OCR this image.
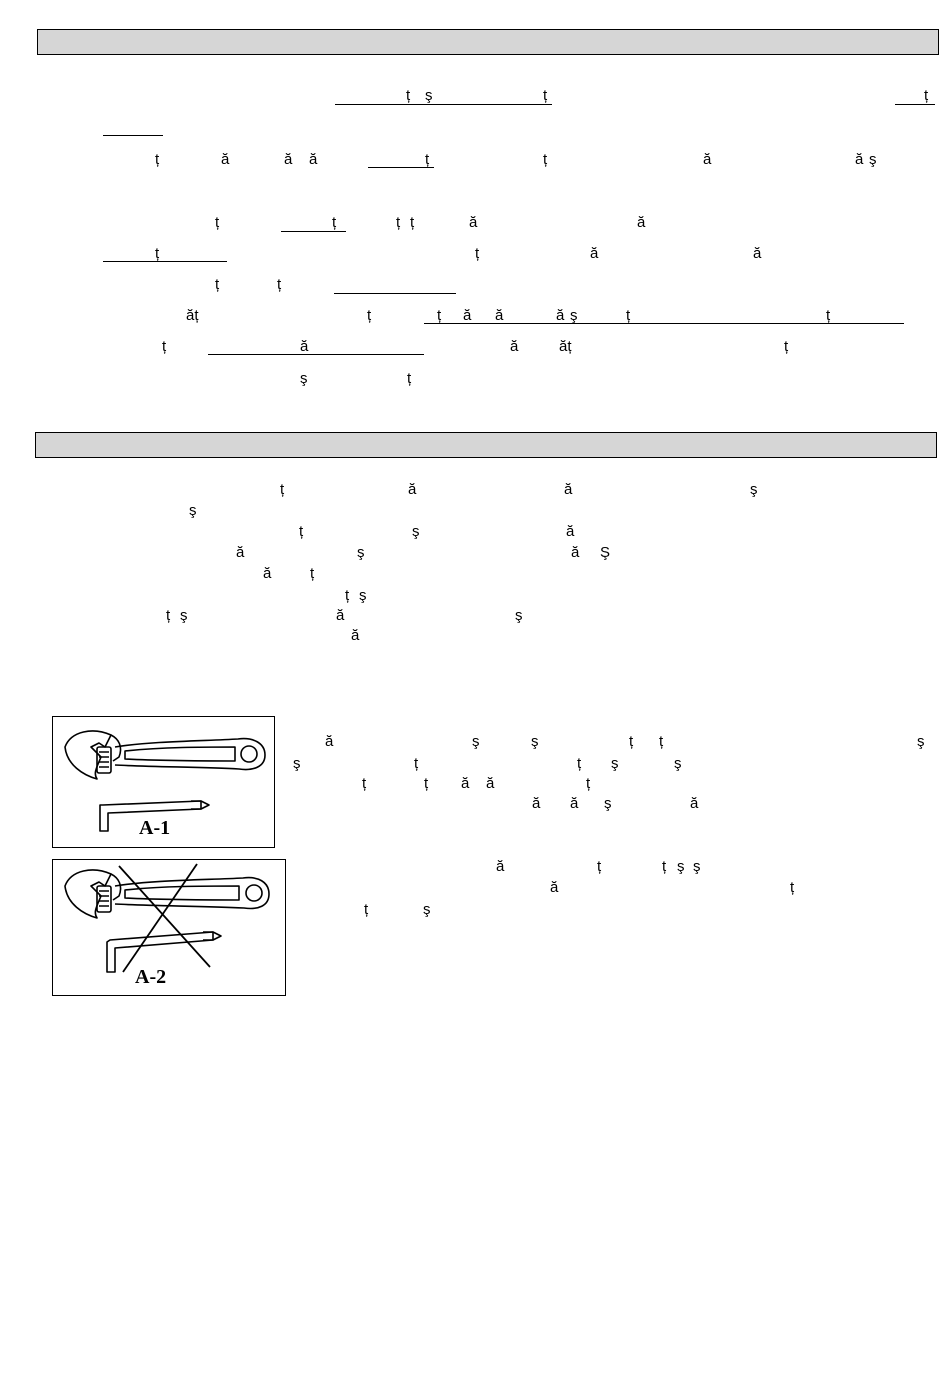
ț ş	ț	ț
ț	ă	ă ă	ț	ț	ă	ă ş
ț	ț	ț ț	ă	ă
ț	ț	ă	ă
ț	ț
ăț	ț	ț ă ă	ă ş	ț	ț
ț	ă	ă	ăț	ț
ş	ț
ț	ă	ă	ş
ş
ț	ş	ă
ă	ş	ă Ş
ă	ț
ț ş
ț ş	ă	ş
ă
A-1
A-2
ă	ş	ş	ț ț	ş
ş	ț	ț ş	ş
ț	ț ă ă	ț
ă ă ş	ă
ă	ț	ț ş ş
ă	ț
ț	ş
